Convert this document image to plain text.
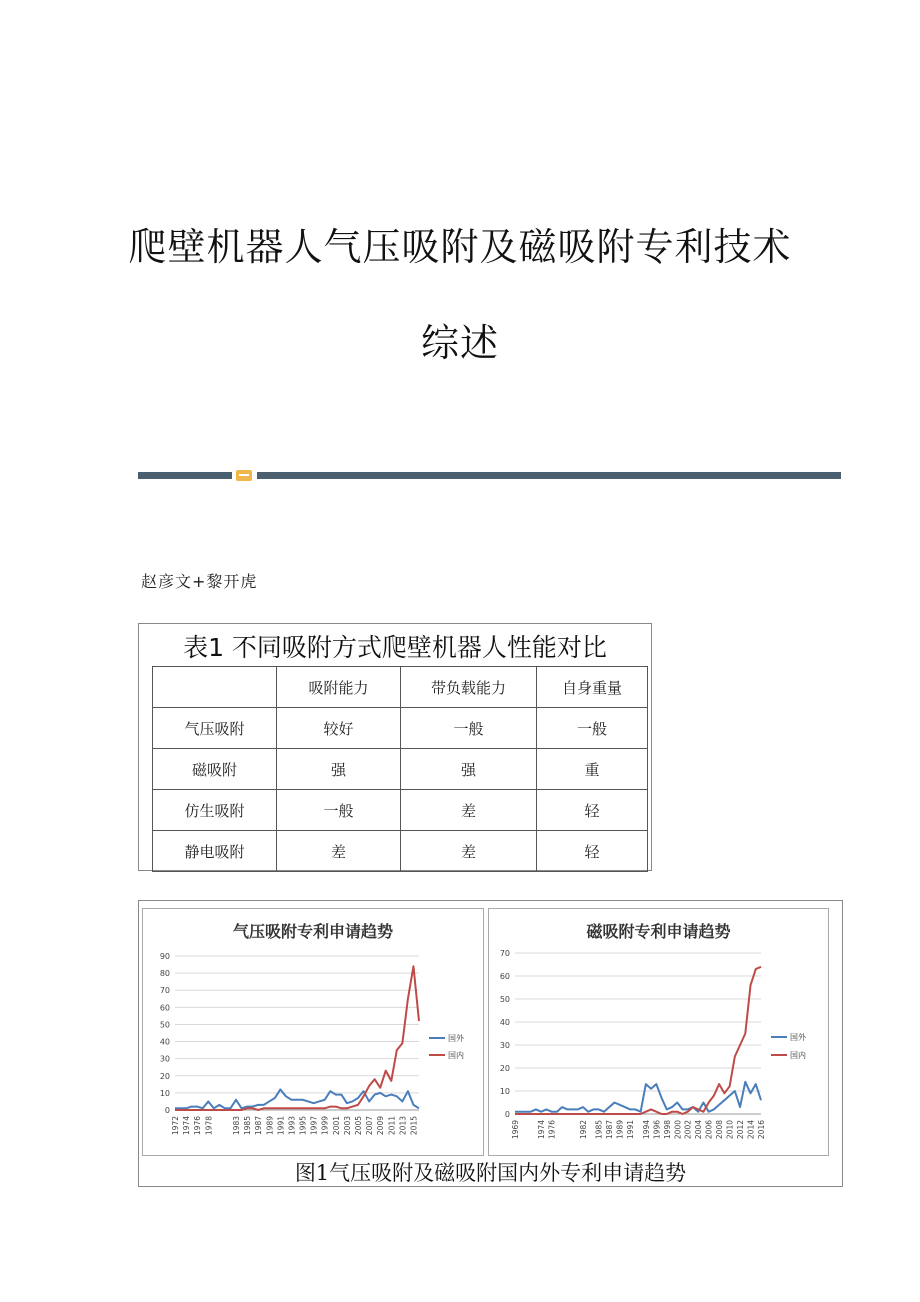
爬壁机器人气压吸附及磁吸附专利技术
综述
赵彦文+黎开虎
表1 不同吸附方式爬壁机器人性能对比
	吸附能力	带负载能力	自身重量
气压吸附	较好	一般	一般
磁吸附	强	强	重
仿生吸附	一般	差	轻
静电吸附	差	差	轻
0
10
20
30
40
50
60
70
80
90
1972 1974 1976 1978 1983 1985 1987 1989 1991 1993 1995 1997 1999 2001 2003 2005 2007 2009 2011 2013 2015
国外
国内
气压吸附专利申请趋势
0
10
20
30
40
50
60
70
1969 1974 1976	1982 1985 1987 1989 1991 1994 1996 1998 2000 2002 2004 2006 2008 2010 2012 2014 2016
国外
国内
磁吸附专利申请趋势
图1气压吸附及磁吸附国内外专利申请趋势
